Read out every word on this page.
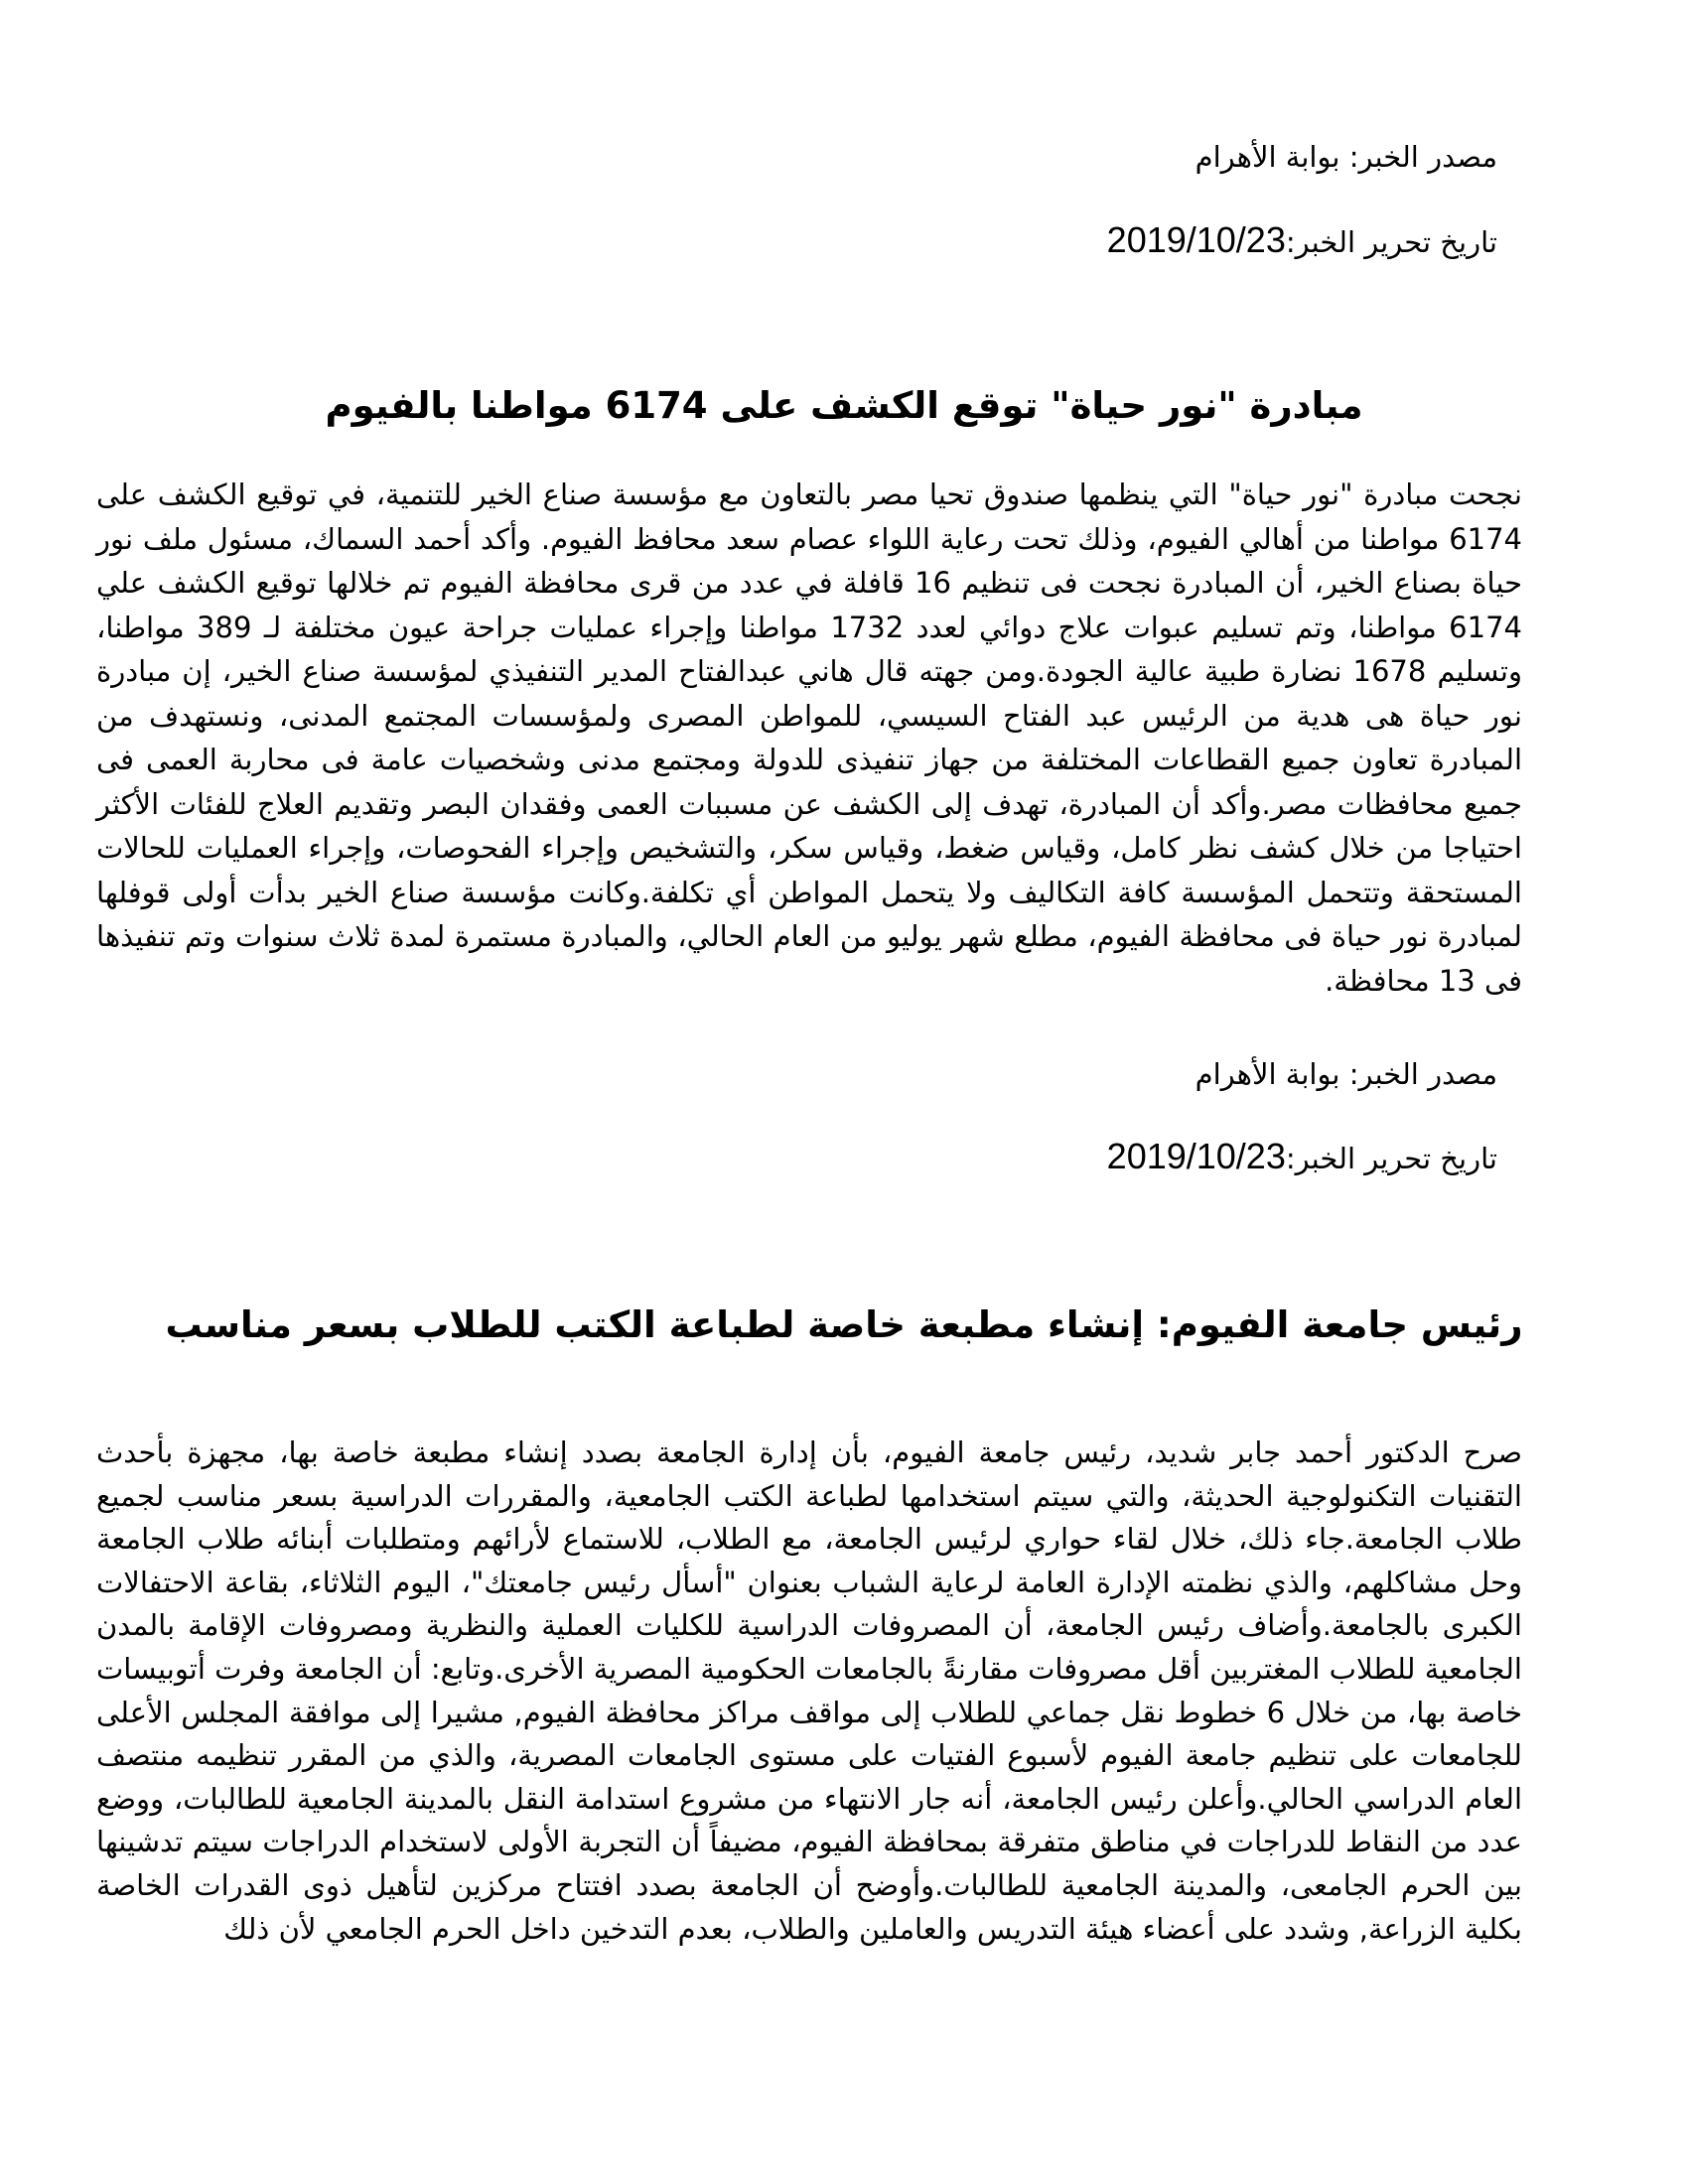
مصدر الخبر: بوابة الأهرام
تاريخ تحرير الخبر:2019/10/23
مبادرة "نور حياة" توقع الكشف على 6174 مواطنا بالفيوم
نجحت مبادرة "نور حياة" التي ينظمها صندوق تحيا مصر بالتعاون مع مؤسسة صناع الخير للتنمية، في توقيع الكشف على 6174 مواطنا من أهالي الفيوم، وذلك تحت رعاية اللواء عصام سعد محافظ الفيوم. وأكد أحمد السماك، مسئول ملف نور حياة بصناع الخير، أن المبادرة نجحت فى تنظيم 16 قافلة في عدد من قرى محافظة الفيوم تم خلالها توقيع الكشف علي 6174 مواطنا، وتم تسليم عبوات علاج دوائي لعدد 1732 مواطنا وإجراء عمليات جراحة عيون مختلفة لـ 389 مواطنا، وتسليم 1678 نضارة طبية عالية الجودة.ومن جهته قال هاني عبدالفتاح المدير التنفيذي لمؤسسة صناع الخير، إن مبادرة نور حياة هى هدية من الرئيس عبد الفتاح السيسي، للمواطن المصرى ولمؤسسات المجتمع المدنى، ونستهدف من المبادرة تعاون جميع القطاعات المختلفة من جهاز تنفيذى للدولة ومجتمع مدنى وشخصيات عامة فى محاربة العمى فى جميع محافظات مصر.وأكد أن المبادرة، تهدف إلى الكشف عن مسببات العمى وفقدان البصر وتقديم العلاج للفئات الأكثر احتياجا من خلال كشف نظر كامل، وقياس ضغط، وقياس سكر، والتشخيص وإجراء الفحوصات، وإجراء العمليات للحالات المستحقة وتتحمل المؤسسة كافة التكاليف ولا يتحمل المواطن أي تكلفة.وكانت مؤسسة صناع الخير بدأت أولى قوفلها لمبادرة نور حياة فى محافظة الفيوم، مطلع شهر يوليو من العام الحالي، والمبادرة مستمرة لمدة ثلاث سنوات وتم تنفيذها فى 13 محافظة.
مصدر الخبر: بوابة الأهرام
تاريخ تحرير الخبر:2019/10/23
رئيس جامعة الفيوم: إنشاء مطبعة خاصة لطباعة الكتب للطلاب بسعر مناسب
صرح الدكتور أحمد جابر شديد، رئيس جامعة الفيوم، بأن إدارة الجامعة بصدد إنشاء مطبعة خاصة بها، مجهزة بأحدث التقنيات التكنولوجية الحديثة، والتي سيتم استخدامها لطباعة الكتب الجامعية، والمقررات الدراسية بسعر مناسب لجميع طلاب الجامعة.جاء ذلك، خلال لقاء حواري لرئيس الجامعة، مع الطلاب، للاستماع لأرائهم ومتطلبات أبنائه طلاب الجامعة وحل مشاكلهم، والذي نظمته الإدارة العامة لرعاية الشباب بعنوان "أسأل رئيس جامعتك"، اليوم الثلاثاء، بقاعة الاحتفالات الكبرى بالجامعة.وأضاف رئيس الجامعة، أن المصروفات الدراسية للكليات العملية والنظرية ومصروفات الإقامة بالمدن الجامعية للطلاب المغتربين أقل مصروفات مقارنةً بالجامعات الحكومية المصرية الأخرى.وتابع: أن الجامعة وفرت أتوبيسات خاصة بها، من خلال 6 خطوط نقل جماعي للطلاب إلى مواقف مراكز محافظة الفيوم, مشيرا إلى موافقة المجلس الأعلى للجامعات على تنظيم جامعة الفيوم لأسبوع الفتيات على مستوى الجامعات المصرية، والذي من المقرر تنظيمه منتصف العام الدراسي الحالي.وأعلن رئيس الجامعة، أنه جار الانتهاء من مشروع استدامة النقل بالمدينة الجامعية للطالبات، ووضع عدد من النقاط للدراجات في مناطق متفرقة بمحافظة الفيوم، مضيفاً أن التجربة الأولى لاستخدام الدراجات سيتم تدشينها بين الحرم الجامعى، والمدينة الجامعية للطالبات.وأوضح أن الجامعة بصدد افتتاح مركزين لتأهيل ذوى القدرات الخاصة بكلية الزراعة, وشدد على أعضاء هيئة التدريس والعاملين والطلاب، بعدم التدخين داخل الحرم الجامعي لأن ذلك
